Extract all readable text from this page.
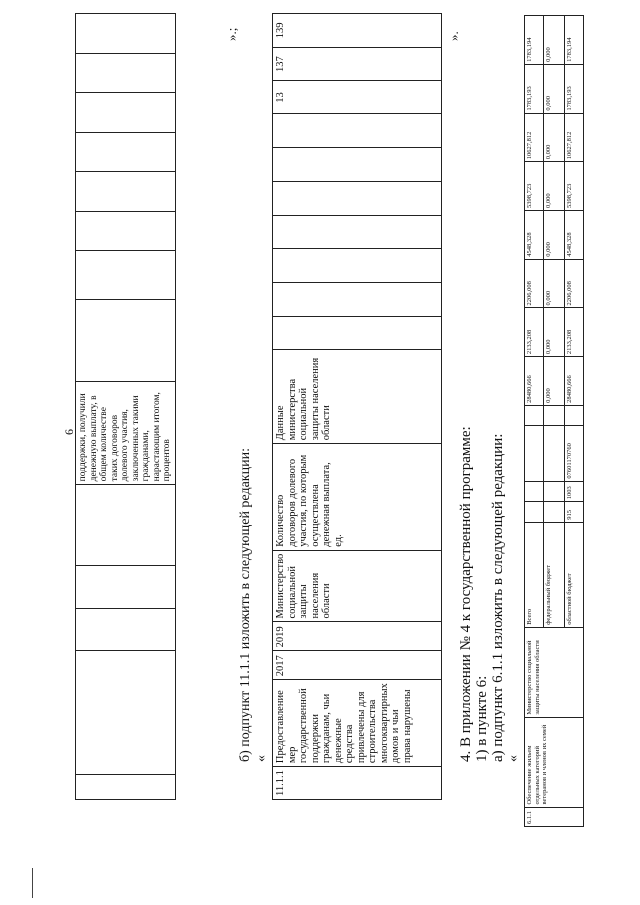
6
					поддержки, получили денежную выплату, в общем количестве таких договоров долевого участия, заключенных такими гражданами, нарастающим итогом, процентов								
».;
б) подпункт 11.1.1 изложить в следующей редакции: «
11.1.1	Предоставление мер государственной поддержки гражданам, чьи денежные средства привлечены для строительства многоквартирных домов и чьи права нарушены	2017	2019	Министерство социальной защиты населения области	Количество договоров долевого участия, по которым осуществлена денежная выплата, ед.	Данные министерства социальной защиты населения области								13	137	139	».
4. В приложении № 4 к государственной программе: 1) в пункте 6: а) подпункт 6.1.1 изложить в следующей редакции: «
6.1.1	Обеспечение жильем отдельных категорий ветеранов и членов их семей	Министерство социальной защиты населения области	Всего					28480,666	2133,208	2206,008	4548,328	5398,723	10627,812	1783,193	1783,194
			федеральный бюджет					0,000	0,000	0,000	0,000	0,000	0,000	0,000	0,000
			областной бюджет	915	1003	07601170760		28480,666	2133,208	2206,008	4548,328	5398,723	10627,812	1783,193	1783,194
